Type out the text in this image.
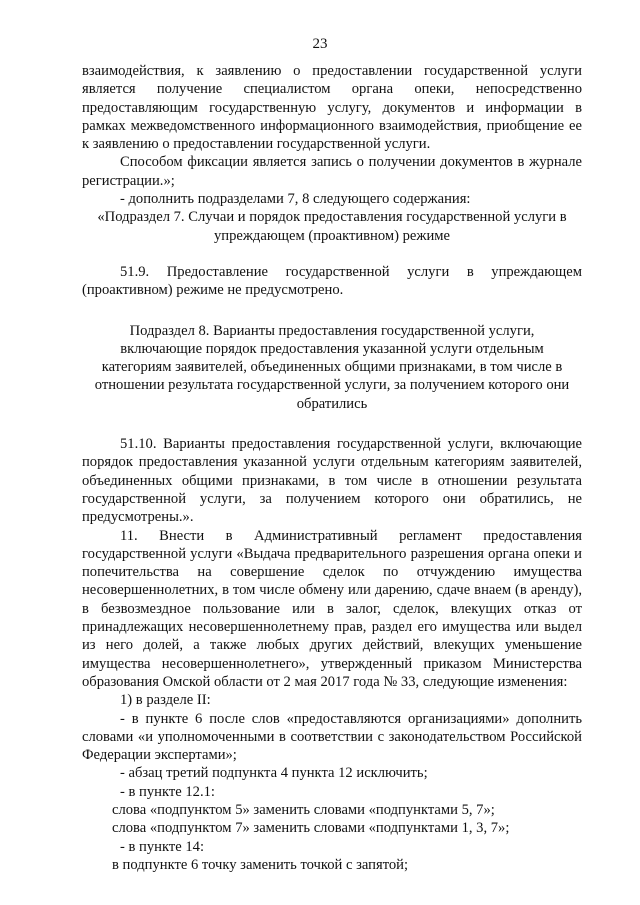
23

взаимодействия, к заявлению о предоставлении государственной услуги является получение специалистом органа опеки, непосредственно предоставляющим государственную услугу, документов и информации в рамках межведомственного информационного взаимодействия, приобщение ее к заявлению о предоставлении государственной услуги.

Способом фиксации является запись о получении документов в журнале регистрации.»;

- дополнить подразделами 7, 8 следующего содержания:

«Подраздел 7. Случаи и порядок предоставления государственной услуги в упреждающем (проактивном) режиме

51.9. Предоставление государственной услуги в упреждающем (проактивном) режиме не предусмотрено.

Подраздел 8. Варианты предоставления государственной услуги, включающие порядок предоставления указанной услуги отдельным категориям заявителей, объединенных общими признаками, в том числе в отношении результата государственной услуги, за получением которого они обратились

51.10. Варианты предоставления государственной услуги, включающие порядок предоставления указанной услуги отдельным категориям заявителей, объединенных общими признаками, в том числе в отношении результата государственной услуги, за получением которого они обратились, не предусмотрены.».

11. Внести в Административный регламент предоставления государственной услуги «Выдача предварительного разрешения органа опеки и попечительства на совершение сделок по отчуждению имущества несовершеннолетних, в том числе обмену или дарению, сдаче внаем (в аренду), в безвозмездное пользование или в залог, сделок, влекущих отказ от принадлежащих несовершеннолетнему прав, раздел его имущества или выдел из него долей, а также любых других действий, влекущих уменьшение имущества несовершеннолетнего», утвержденный приказом Министерства образования Омской области от 2 мая 2017 года № 33, следующие изменения:

1) в разделе II:

- в пункте 6 после слов «предоставляются организациями» дополнить словами «и уполномоченными в соответствии с законодательством Российской Федерации экспертами»;

- абзац третий подпункта 4 пункта 12 исключить;

- в пункте 12.1:

слова «подпунктом 5» заменить словами «подпунктами 5, 7»;

слова «подпунктом 7» заменить словами «подпунктами 1, 3, 7»;

- в пункте 14:

в подпункте 6 точку заменить точкой с запятой;
